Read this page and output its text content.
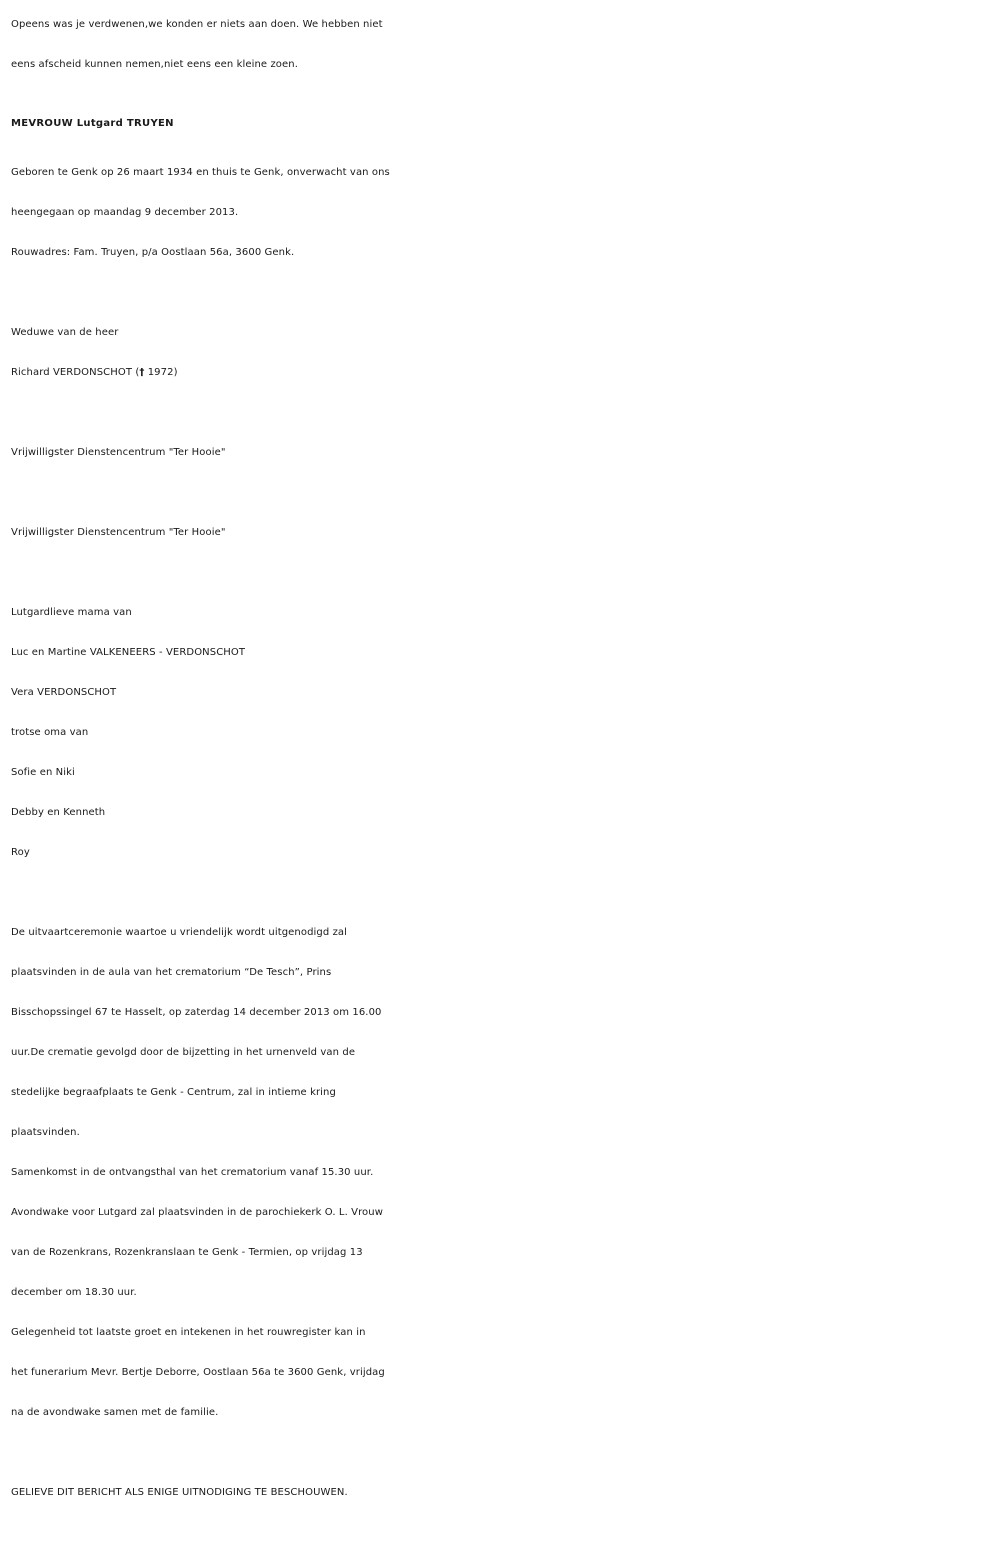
Opeens was je verdwenen,we konden er niets aan doen. We hebben niet
eens afscheid kunnen nemen,niet eens een kleine zoen.
MEVROUW Lutgard TRUYEN
Geboren te Genk op 26 maart 1934 en thuis te Genk, onverwacht van ons
heengegaan op maandag 9 december 2013.
Rouwadres: Fam. Truyen, p/a Oostlaan 56a, 3600 Genk.
Weduwe van de heer
Richard VERDONSCHOT († 1972)
Vrijwilligster Dienstencentrum "Ter Hooie"
Vrijwilligster Dienstencentrum "Ter Hooie"
Lutgardlieve mama van
Luc en Martine VALKENEERS - VERDONSCHOT
Vera VERDONSCHOT
trotse oma van
Sofie en Niki
Debby en Kenneth
Roy
De uitvaartceremonie waartoe u vriendelijk wordt uitgenodigd zal
plaatsvinden in de aula van het crematorium “De Tesch”, Prins
Bisschopssingel 67 te Hasselt, op zaterdag 14 december 2013 om 16.00
uur.De crematie gevolgd door de bijzetting in het urnenveld van de
stedelijke begraafplaats te Genk - Centrum, zal in intieme kring
plaatsvinden.
Samenkomst in de ontvangsthal van het crematorium vanaf 15.30 uur.
Avondwake voor Lutgard zal plaatsvinden in de parochiekerk O. L. Vrouw
van de Rozenkrans, Rozenkranslaan te Genk - Termien, op vrijdag 13
december om 18.30 uur.
Gelegenheid tot laatste groet en intekenen in het rouwregister kan in
het funerarium Mevr. Bertje Deborre, Oostlaan 56a te 3600 Genk, vrijdag
na de avondwake samen met de familie.
GELIEVE DIT BERICHT ALS ENIGE UITNODIGING TE BESCHOUWEN.
